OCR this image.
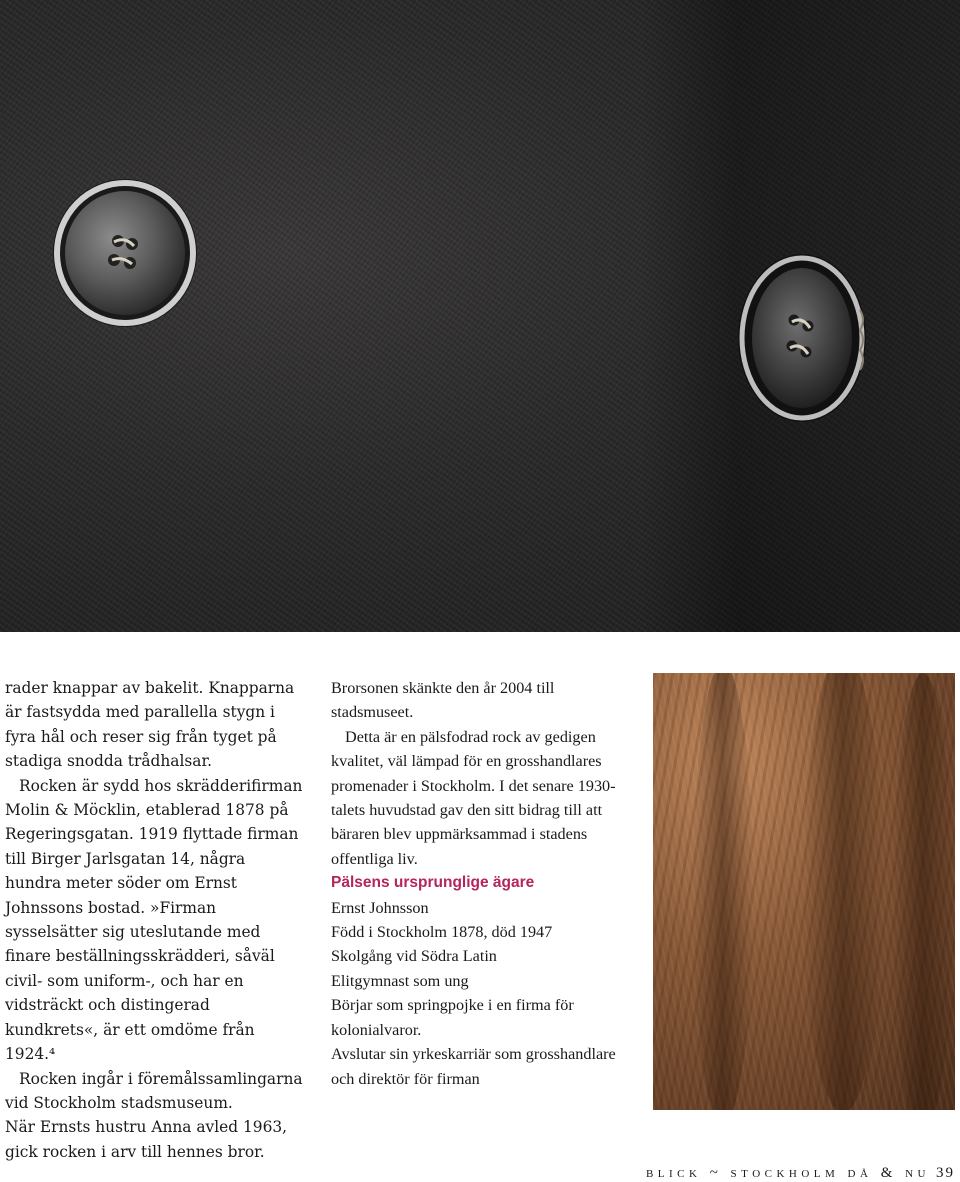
rader knappar av bakelit. Knapparna är fastsydda med parallella stygn i fyra hål och reser sig från tyget på stadiga snodda trådhalsar.

Rocken är sydd hos skrädderifirman Molin & Möcklin, etablerad 1878 på Regeringsgatan. 1919 flyttade firman till Birger Jarlsgatan 14, några hundra meter söder om Ernst Johnssons bostad. »Firman sysselsätter sig uteslutande med finare beställningsskrädderi, såväl civil- som uniform-, och har en vidsträckt och distingerad kundkrets«, är ett omdöme från 1924.⁴

Rocken ingår i föremålssamlingarna vid Stockholm stadsmuseum.

När Ernsts hustru Anna avled 1963, gick rocken i arv till hennes bror.

Brorsonen skänkte den år 2004 till stadsmuseet.

Detta är en pälsfodrad rock av gedigen kvalitet, väl lämpad för en grosshandlares promenader i Stockholm. I det senare 1930-talets huvudstad gav den sitt bidrag till att bäraren blev uppmärksammad i stadens offentliga liv.

Pälsens ursprunglige ägare

Ernst Johnsson

Född i Stockholm 1878, död 1947

Skolgång vid Södra Latin

Elitgymnast som ung

Börjar som springpojke i en firma för kolonialvaror.

Avslutar sin yrkeskarriär som grosshandlare och direktör för firman

blick ~ stockholm då & nu 39
